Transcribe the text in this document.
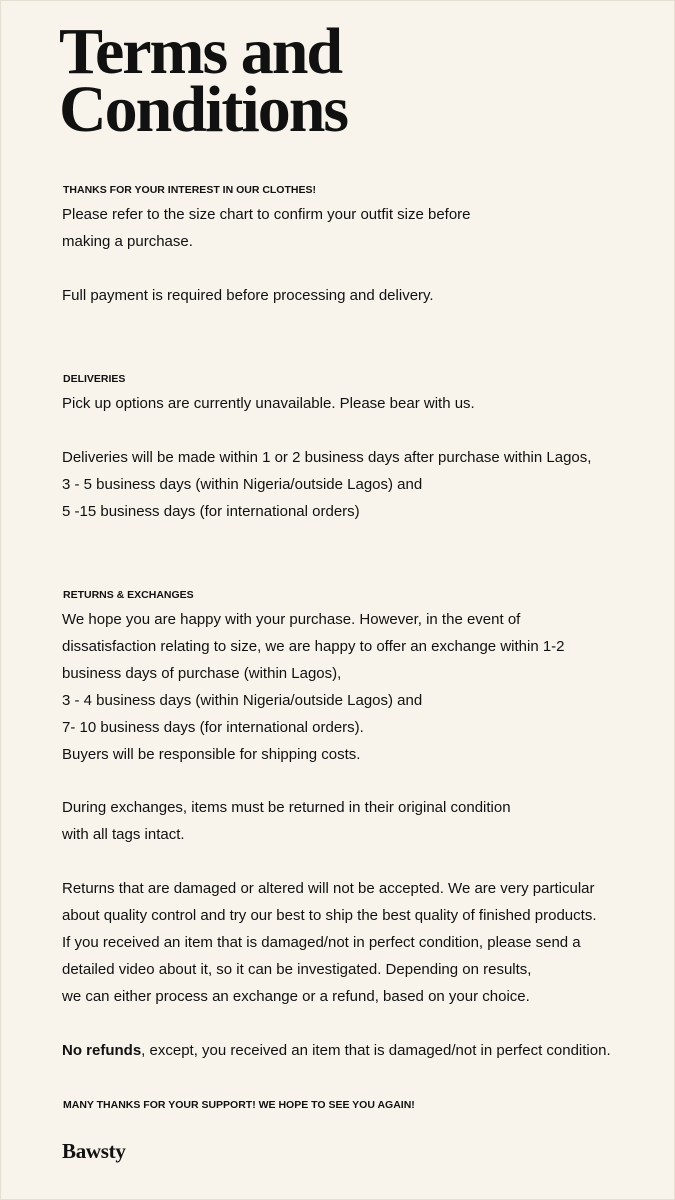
Terms and
Conditions
THANKS FOR YOUR INTEREST IN OUR CLOTHES!

Please refer to the size chart to confirm your outfit size before
making a purchase.

Full payment is required before processing and delivery.

DELIVERIES

Pick up options are currently unavailable. Please bear with us.

Deliveries will be made within 1 or 2 business days after purchase within Lagos,
3 - 5 business days (within Nigeria/outside Lagos) and
5 -15 business days (for international orders)

RETURNS & EXCHANGES

We hope you are happy with your purchase. However, in the event of
dissatisfaction relating to size, we are happy to offer an exchange within 1-2
business days of purchase (within Lagos),
3 - 4 business days (within Nigeria/outside Lagos) and
7- 10 business days (for international orders).
Buyers will be responsible for shipping costs.

During exchanges, items must be returned in their original condition
with all tags intact.

Returns that are damaged or altered will not be accepted. We are very particular
about quality control and try our best to ship the best quality of finished products.
If you received an item that is damaged/not in perfect condition, please send a
detailed video about it, so it can be investigated. Depending on results,
we can either process an exchange or a refund, based on your choice.

No refunds, except, you received an item that is damaged/not in perfect condition.

MANY THANKS FOR YOUR SUPPORT! WE HOPE TO SEE YOU AGAIN!
Bawsty
